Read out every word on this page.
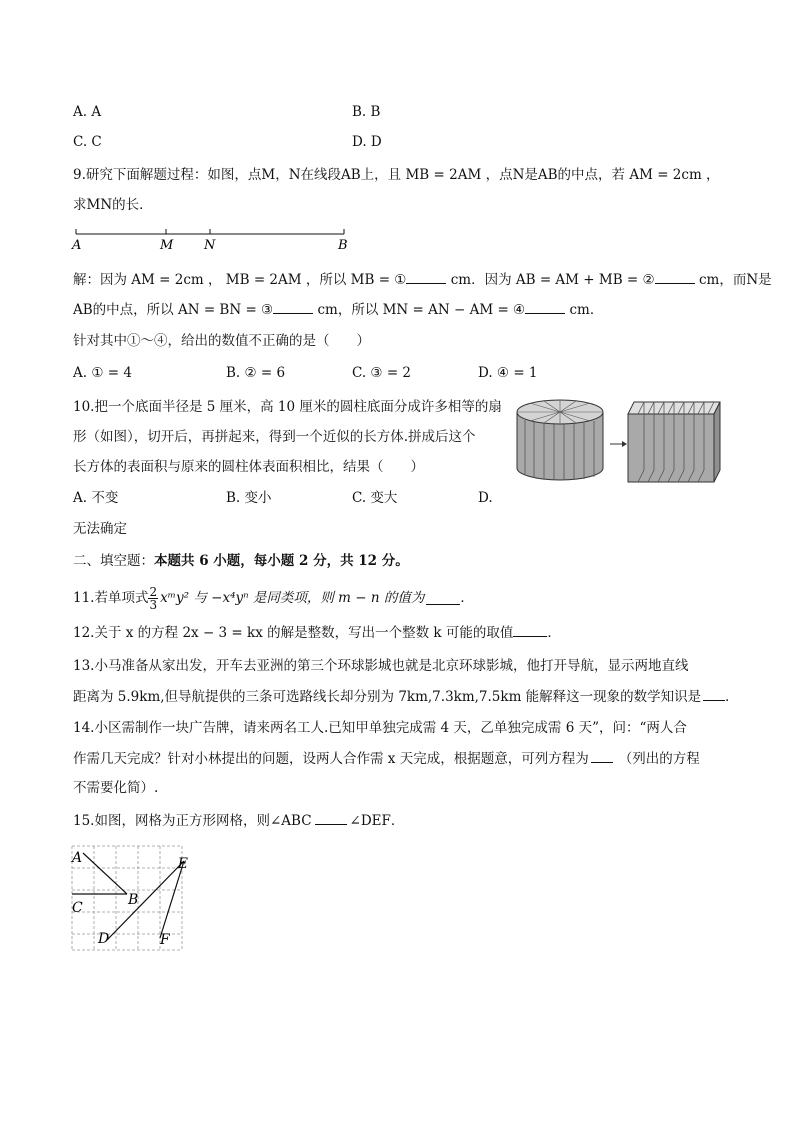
A. A	B. B
C. C	D. D
9.研究下面解题过程：如图，点M，N在线段AB上，且 MB = 2AM ，点N是AB的中点，若 AM = 2cm ，
求MN的长．
A	M N	B
解：因为 AM = 2cm ， MB = 2AM ，所以 MB = ①	cm．因为 AB = AM + MB = ②	cm，而N是
AB的中点，所以 AN = BN = ③	cm，所以 MN = AN − AM = ④	cm．
针对其中①～④，给出的数值不正确的是（　　）
A. ① = 4	B. ② = 6	C. ③ = 2	D. ④ = 1
10.把一个底面半径是 5 厘米，高 10 厘米的圆柱底面分成许多相等的扇
形（如图），切开后，再拼起来，得到一个近似的长方体.拼成后这个
长方体的表面积与原来的圆柱体表面积相比，结果（　　）
A. 不变	B. 变小	C. 变大	D.
无法确定
二、填空题：本题共 6 小题，每小题 2 分，共 12 分。
11.若单项式 $\frac{2}{3}$ xᵐy² 与 −x⁴yⁿ 是同类项，则 m − n 的值为	．
12.关于 x 的方程 2x − 3 = kx 的解是整数，写出一个整数 k 可能的取值	．
13.小马准备从家出发，开车去亚洲的第三个环球影城也就是北京环球影城，他打开导航，显示两地直线
距离为 5.9km,但导航提供的三条可选路线长却分别为 7km,7.3km,7.5km 能解释这一现象的数学知识是 ．
14.小区需制作一块广告牌，请来两名工人.已知甲单独完成需 4 天，乙单独完成需 6 天”，问：“两人合
作需几天完成？针对小林提出的问题，设两人合作需 x 天完成，根据题意，可列方程为 （列出的方程
不需要化简）.
15.如图，网格为正方形网格，则∠ABC	∠DEF．
A
B
C
D
E
F
